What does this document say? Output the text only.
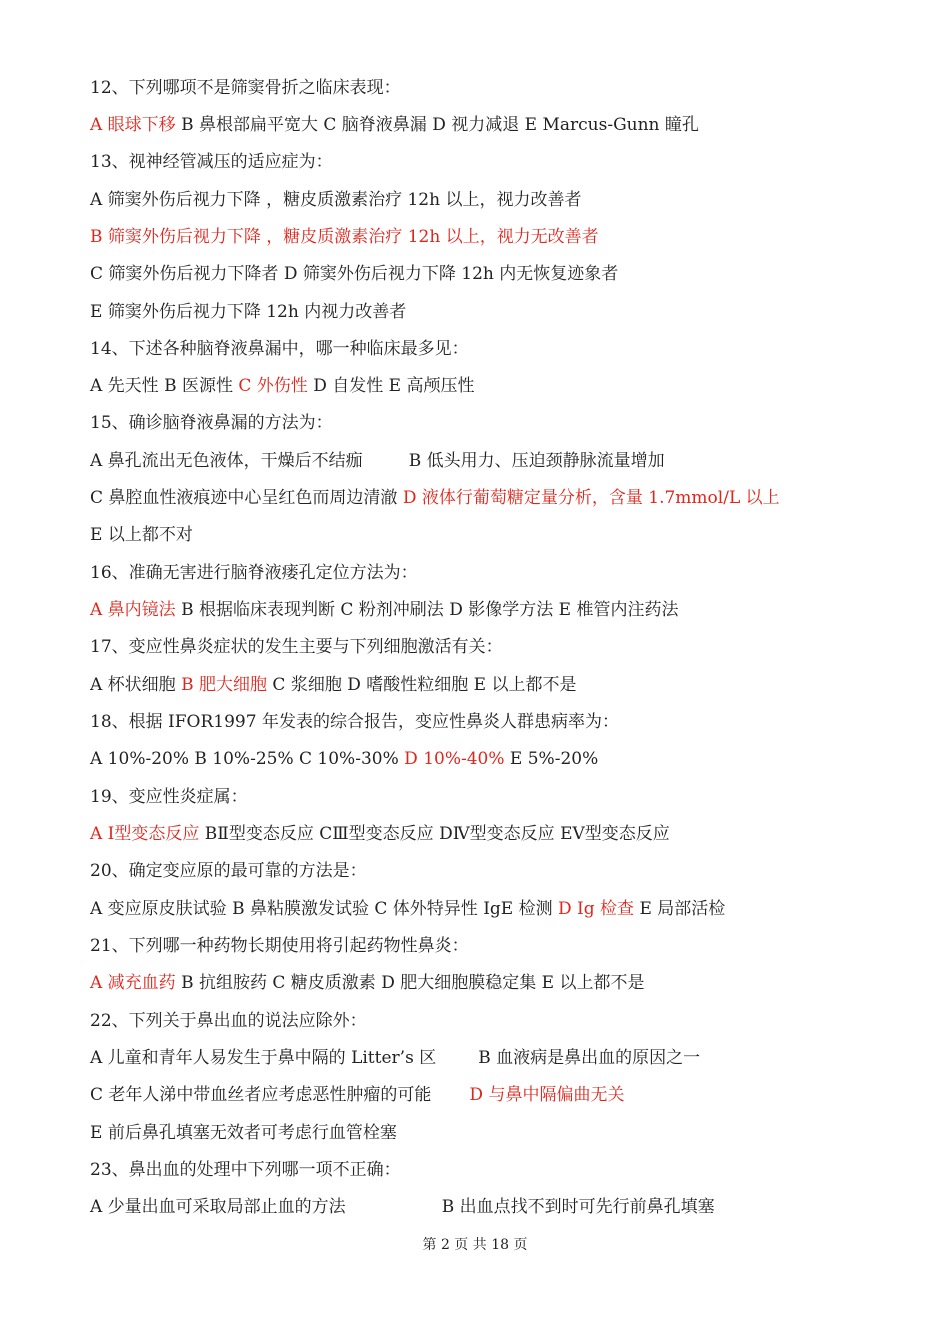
12、下列哪项不是筛窦骨折之临床表现：
A 眼球下移 B 鼻根部扁平宽大 C 脑脊液鼻漏 D 视力减退 E Marcus-Gunn 瞳孔
13、视神经管减压的适应症为：
A 筛窦外伤后视力下降 ，糖皮质激素治疗 12h 以上，视力改善者
B 筛窦外伤后视力下降 ，糖皮质激素治疗 12h 以上，视力无改善者
C 筛窦外伤后视力下降者 D 筛窦外伤后视力下降 12h 内无恢复迹象者
E 筛窦外伤后视力下降 12h 内视力改善者
14、下述各种脑脊液鼻漏中，哪一种临床最多见：
A 先天性 B 医源性 C 外伤性 D 自发性 E 高颅压性
15、确诊脑脊液鼻漏的方法为：
A 鼻孔流出无色液体，干燥后不结痂	B 低头用力、压迫颈静脉流量增加
C 鼻腔血性液痕迹中心呈红色而周边清澈 D 液体行葡萄糖定量分析，含量 1.7mmol/L 以上
E 以上都不对
16、准确无害进行脑脊液瘘孔定位方法为：
A 鼻内镜法 B 根据临床表现判断 C 粉剂冲刷法 D 影像学方法 E 椎管内注药法
17、变应性鼻炎症状的发生主要与下列细胞激活有关：
A 杯状细胞 B 肥大细胞 C 浆细胞 D 嗜酸性粒细胞 E 以上都不是
18、根据 IFOR1997 年发表的综合报告，变应性鼻炎人群患病率为：
A 10%-20% B 10%-25% C 10%-30% D 10%-40% E 5%-20%
19、变应性炎症属：
A Ⅰ型变态反应 BⅡ型变态反应 CⅢ型变态反应 DⅣ型变态反应 EⅤ型变态反应
20、确定变应原的最可靠的方法是：
A 变应原皮肤试验 B 鼻粘膜激发试验 C 体外特异性 IgE 检测 D Ig 检查 E 局部活检
21、下列哪一种药物长期使用将引起药物性鼻炎：
A 减充血药 B 抗组胺药 C 糖皮质激素 D 肥大细胞膜稳定集 E 以上都不是
22、下列关于鼻出血的说法应除外：
A 儿童和青年人易发生于鼻中隔的 Litter’s 区 B 血液病是鼻出血的原因之一
C 老年人涕中带血丝者应考虑恶性肿瘤的可能 D 与鼻中隔偏曲无关
E 前后鼻孔填塞无效者可考虑行血管栓塞
23、鼻出血的处理中下列哪一项不正确：
A 少量出血可采取局部止血的方法	B 出血点找不到时可先行前鼻孔填塞
第 2 页 共 18 页
